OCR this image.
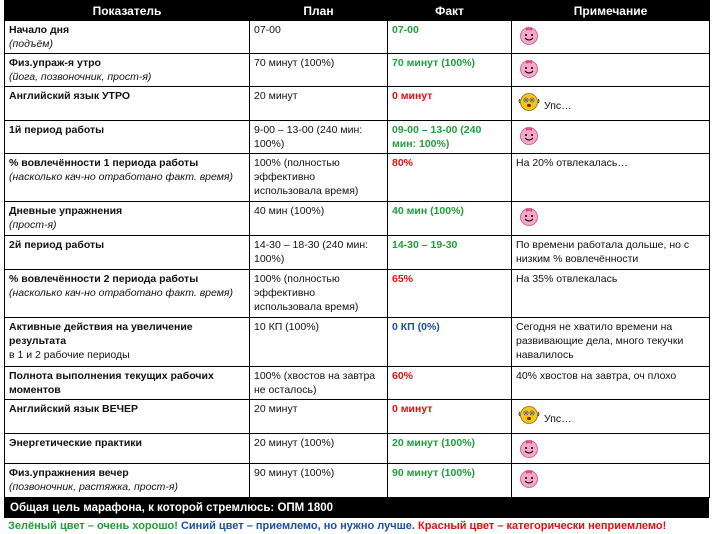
Показатель	План	Факт	Примечание

Начало дня
(подъём)	07-00	07-00	

Физ.упраж-я утро
(йога, позвоночник, прост-я)	70 минут (100%)	70 минут (100%)	

Английский язык УТРО	20 минут	0 минут	Упс…

1й период работы	9-00 – 13-00 (240 мин: 100%)	09-00 – 13-00 (240 мин: 100%)	

% вовлечённости 1 периода работы
(насколько кач-но отработано факт. время)	100% (полностью эффективно использовала время)	80%	На 20% отвлекалась…

Дневные упражнения
(прост-я)	40 мин (100%)	40 мин (100%)	

2й период работы	14-30 – 18-30 (240 мин: 100%)	14-30 – 19-30	По времени работала дольше, но с низким % вовлечённости

% вовлечённости 2 периода работы
(насколько кач-но отработано факт. время)	100% (полностью эффективно использовала время)	65%	На 35% отвлекалась

Активные действия на увеличение результата
в 1 и 2 рабочие периоды	10 КП (100%)	0 КП (0%)	Сегодня не хватило времени на развивающие дела, много текучки навалилось

Полнота выполнения текущих рабочих моментов	100% (хвостов на завтра не осталось)	60%	40% хвостов на завтра, оч плохо

Английский язык ВЕЧЕР	20 минут	0 минут	Упс…

Энергетические практики	20 минут (100%)	20 минут (100%)	

Физ.упражнения вечер
(позвоночник, растяжка, прост-я)	90 минут (100%)	90 минут (100%)	
Общая цель марафона, к которой стремлюсь: ОПМ 1800
Зелёный цвет – очень хорошо! Синий цвет – приемлемо, но нужно лучше. Красный цвет – категорически неприемлемо!
